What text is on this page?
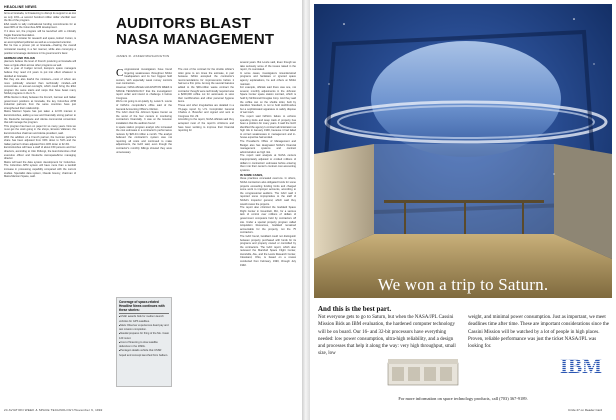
HEADLINE NEWS

ferns at Granada, is threatening to disrupt its support to as low as only 10%—a second hundred million dollar shortfall over the life of the program.

ESA needs to tally multinational funding commitments for at least 90% of the Columbus APM development.

If it does not, the program will be launched with a critically fragile financial foundation.

The French minister for research and space, Hubert Curien, is an accomplished politician as well as a respected scientist.

But he has a proven job at Granada—chairing the overall ministerial meeting in a fair manner, while also conveying a position to leverage decisions in his government's favor.

GERMAN AND ITALIAN

planners believe the level of French posturing at Granada will have a ripple effect across other programs as well.

After a year of budget turmoil, Europe's space managers believe they need 2-3 years to put into effect whatever is decided at Granada.

But they are also fearful the ministers—most of whom are more politically oriented than technically minded—will concentrate on annual oversight, which could bring the ESA program the same starts and stops that have beset many NASA programs in the U.S.

While flexion is likely between the French, German and Italian government positions at Granada, the key Columbus APM industrial partners from the same countries have just strengthened their relationship.

Matra Marconi Space has just taken a 12.6% interest in EuroColumbus, adding a new and financially strong partner to the Deutsche Aerospace and Alenia commercial consortium that will manage the program.

This program has been on paper for so many years. Now we must get the work going in the shops, Ernesto Vallerani, the EuroColumbus chairman and Alenia president, said.

With the addition of a French partner, the German partner's share has been adjusted from 60% down to 51% and the Italian partner's share adjusted from 40% down to 32.4%.

EuroColumbus will have a staff of about 150 persons and four directors, according to Udo Pollvogt, the EuroColumbus chief executive officer and Deutsche Aerospace/Erno managing director.

Matra will lead the data system development for Columbus. The Columbus APM system will have more than a twofold increase in processing capability compared with the current studies. Specialist data system, Claude Goumy, chairman of Matra Marconi Space, said.

AUDITORS BLAST NASA MANAGEMENT
JAMES R. ASKER/WASHINGTON

Congressional investigators have found lingering weaknesses throughout NASA headquarters and its four biggest field centers, with especially weak money controls over contractors.

However, NASA officials told AVIATION WEEK & SPACE TECHNOLOGY that the investigators' report unfair and intend to challenge it before Congress.

We're not going to sit quietly by, Lewis S. Lourie of NASA's comptroller's office said of the General Accounting Office's criticism.

The GAO cited the Johnson Space Center as the worst of the four centers in monitoring contractors financially. It was at the Houston installation that the auditors found:

A space station program analyst who increased the cost estimates in a contractor's performance reviews by $26.44 million a month. The analyst believed the contractor's system was not reporting all costs and continued to make adjustments, the GAO said, even though the contractor's monthly billings showed they were unnecessary.

Coverage of space-related Headline News continues with these stories:
■ USAF awards bids for medium launch vehicles for GPS satellites.
■ Mars Observer experiences dead pay and test mission completion.
■ Nasdal prepares for firing of the Mu. Casio 120 motor.
■ Cost of financing to slow satellite deliveries in the 1990s.
■ Pentagon details vehicle that USSR hoped and concept launched from balloon.

The cost of the contract for the shuttle orbiter's toilet grew to ten times the estimate, in part because NASA accepted the contractor's recommendations for improvements before it had set a firm price. Among the several features added to the $30-million waste contract the contractor thought were technically required was a $200,000 coffee cut for astronauts to stow their toothbrushes and other personal hygiene items.

These and other irregularities are detailed in a 76-page report by U.S. Comptroller General Charles A. Bowsher and signed and sent to Congress Oct. 29.

According to the report, NASA officials said they accepted most of the report's criticisms and have been working to improve their financial reporting for

several years. But Lourie said, Even though we take seriously some of the issues raised in the report, it's overstated.

In some cases, investigators misunderstood programs and hardware or ignored space agency explanations, he and others at NASA maintain.

For example, officials said there was one, not several, monthly adjustments in the Johnson Space Center space station contract, which is held by McDonnell Douglas Corp. And they said the coffee can on the shuttle toilet, built by Hamilton Standard, is not to hold toothbrushes but a sophisticated apparatus to safely dispose of wet trash.

The report said NASA's failure to enforce spending limits and keep track of property has been a problem for many years. It said the GAO identified the agency's contract administration as high risk in January 1990, because it had failed to correct weaknesses in management and in-house expertise had eroded.

The President's Office of Management and Budget also has designated NASA's financial management systems and contract administration as high risk.

The report said analysts at NASA centers inappropriately adjusted or omitted millions of dollars in contractors' estimates before entering them into their center's contract cost accounting systems.

IN SOME CASES,

these practices concealed overruns. In others, NASA contractors also obligated funds for some projects exceeding funding limits and charged some work to improper accounts, according to the congressional auditors. The GAO said it reported some improprieties to the staff of NASA's inspector general, which said they would review the projects.

The report also criticized the Goddard Space Flight Center in Greenbelt, Md., for a serious lack of control over millions of dollars of government computers held by contractors off site. Under a special property program called Acquisition Resources, Goddard remained accountable for the property, not the 75 contractors.

The GAO found, Goddard could not distinguish between property purchased with funds for its programs and property owned or controlled by the contractors. The GAO report, which also reviewed the Marshall Space Flight Center, Hunstville, Ala., and the Lewis Research Center, Cleveland, Ohio, is based on a review conducted from February, 1990, through July 1992.

24 AVIATION WEEK & SPACE TECHNOLOGY/November 9, 1992
We won a trip to Saturn.
And this is the best part.

Not everyone gets to go to Saturn, but when the NASA/JPL Cassini Mission Bids an IBM evaluation, the hardened computer technology will be on board. Our 16- and 32-bit processors have everything needed: low power consumption, ultra-high reliability, and a design and processes that help it along the way: very high throughput, small size, low

weight, and minimal power consumption. Just as important, we meet deadlines time after time. These are important considerations since the Cassini Mission will be watched by a lot of people in high places. Proven, reliable performance was just the ticket NASA/JPL was looking for.

IBM
For more information on space technology products, call (703) 367-9189.
Circle 27 on Reader Card
